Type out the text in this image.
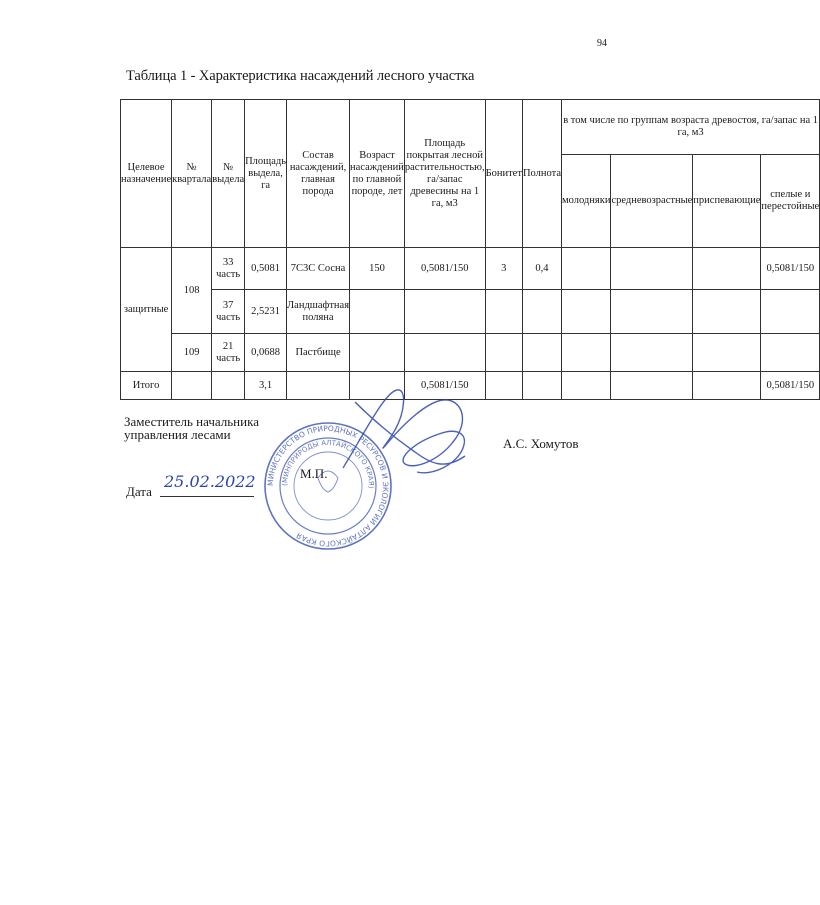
94
Таблица 1 - Характеристика насаждений лесного участка
Целевое назначение	№ квартала	№ выдела	Площадь выдела, га	Состав насаждений, главная порода	Возраст насаждений по главной породе, лет	Площадь покрытая лесной растительностью, га/запас древесины на 1 га, м3	Бонитет	Полнота	в том числе по группам возраста древостоя, га/запас на 1 га, м3			
									молодняки	средневозрастные	приспевающие	спелые и перестойные
защитные	108	33 часть	0,5081	7С3С Сосна	150	0,5081/150	3	0,4				0,5081/150
		37 часть	2,5231	Ландшафтная поляна								
	109	21 часть	0,0688	Пастбище								
Итого			3,1			0,5081/150						0,5081/150
Заместитель начальника
управления лесами
А.С. Хомутов
Дата
25.02.2022 МИНИСТЕРСТВО ПРИРОДНЫХ РЕСУРСОВ И ЭКОЛОГИИ АЛТАЙСКОГО КРАЯ
(МИНПРИРОДЫ АЛТАЙСКОГО КРАЯ)
М.П.
